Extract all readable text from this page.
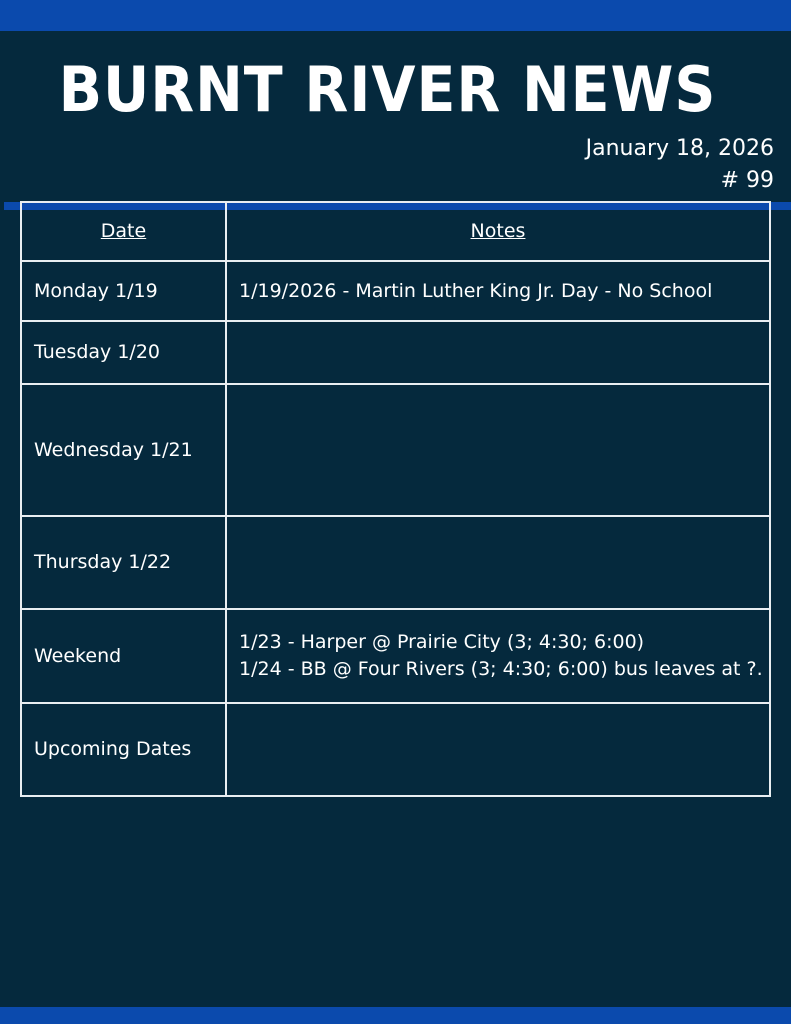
BURNT RIVER NEWS
January 18, 2026
# 99
Date	Notes
Monday 1/19	1/19/2026 - Martin Luther King Jr. Day - No School

Tuesday 1/20	
Wednesday 1/21	
Thursday 1/22	
Weekend	1/23 - Harper @ Prairie City (3; 4:30; 6:00)
1/24 - BB @ Four Rivers (3; 4:30; 6:00) bus leaves at ?.

Upcoming Dates	
